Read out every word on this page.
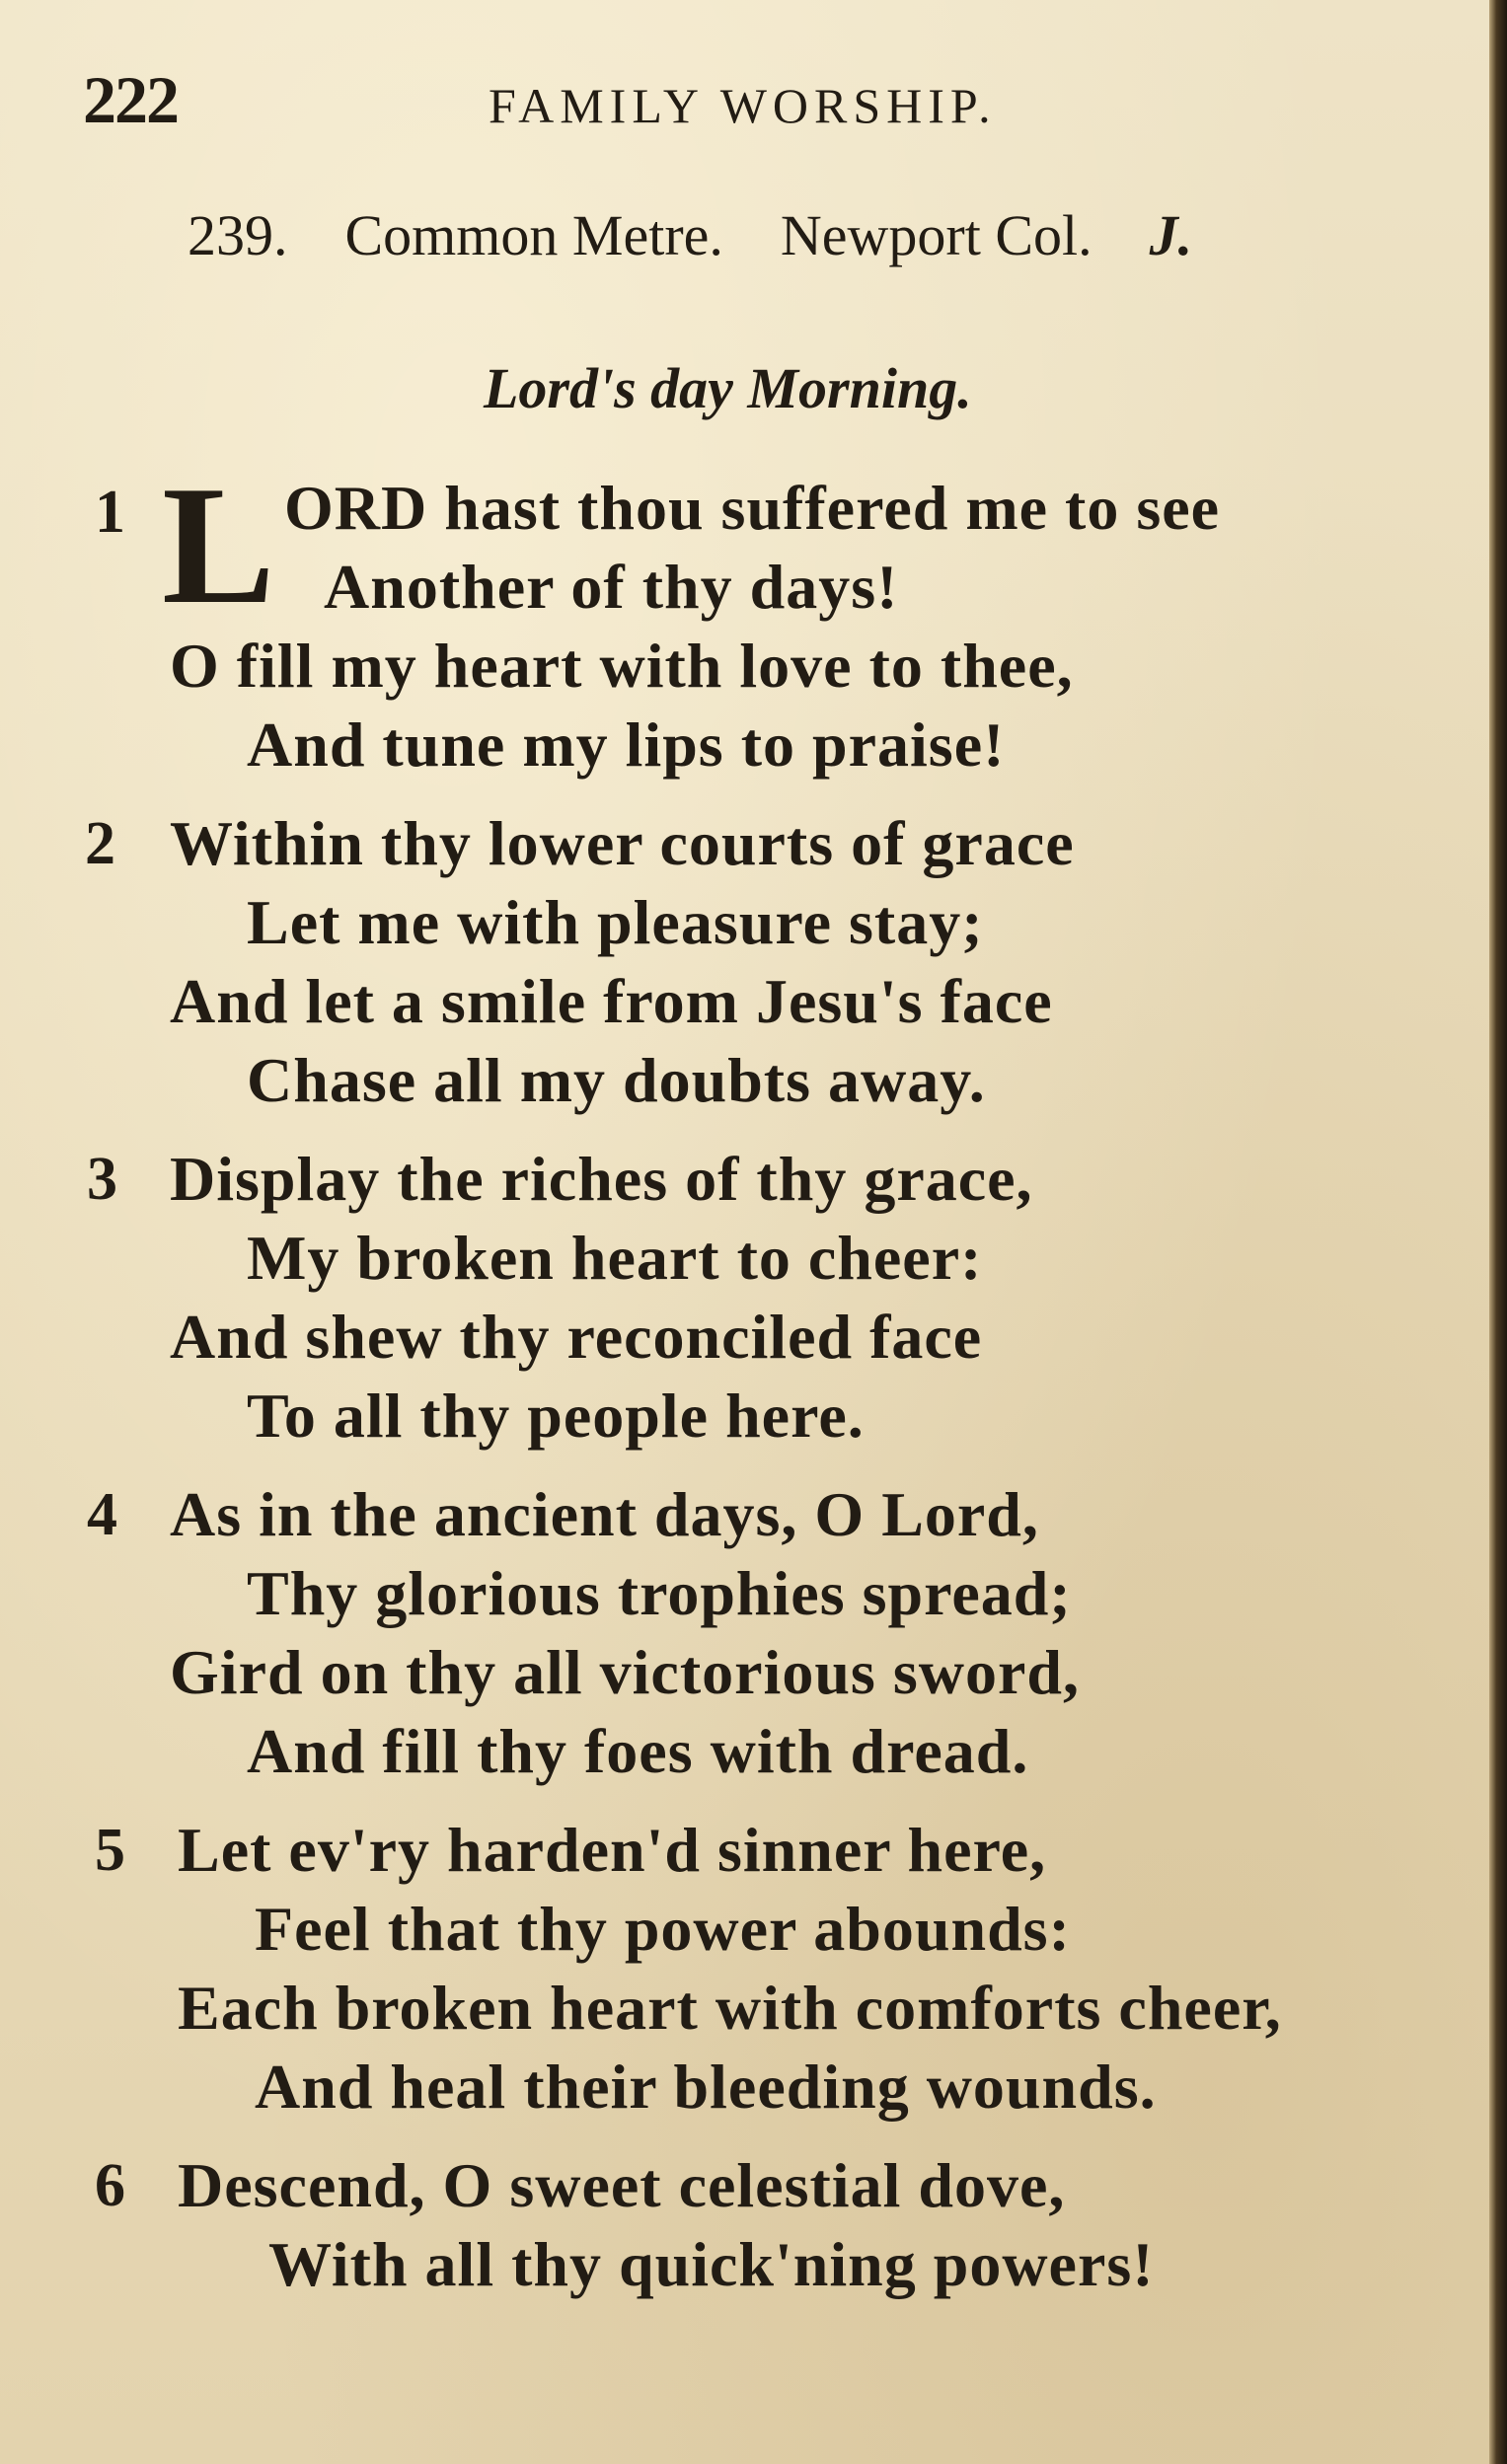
222	FAMILY WORSHIP.
239. Common Metre. Newport Col. J.
Lord's day Morning.
1 L ORD hast thou suffered me to see
Another of thy days!
O fill my heart with love to thee,
And tune my lips to praise!
2 Within thy lower courts of grace
Let me with pleasure stay;
And let a smile from Jesu's face
Chase all my doubts away.
3 Display the riches of thy grace,
My broken heart to cheer:
And shew thy reconciled face
To all thy people here.
4 As in the ancient days, O Lord,
Thy glorious trophies spread;
Gird on thy all victorious sword,
And fill thy foes with dread.
5 Let ev'ry harden'd sinner here,
Feel that thy power abounds:
Each broken heart with comforts cheer,
And heal their bleeding wounds.
6 Descend, O sweet celestial dove,
With all thy quick'ning powers!
